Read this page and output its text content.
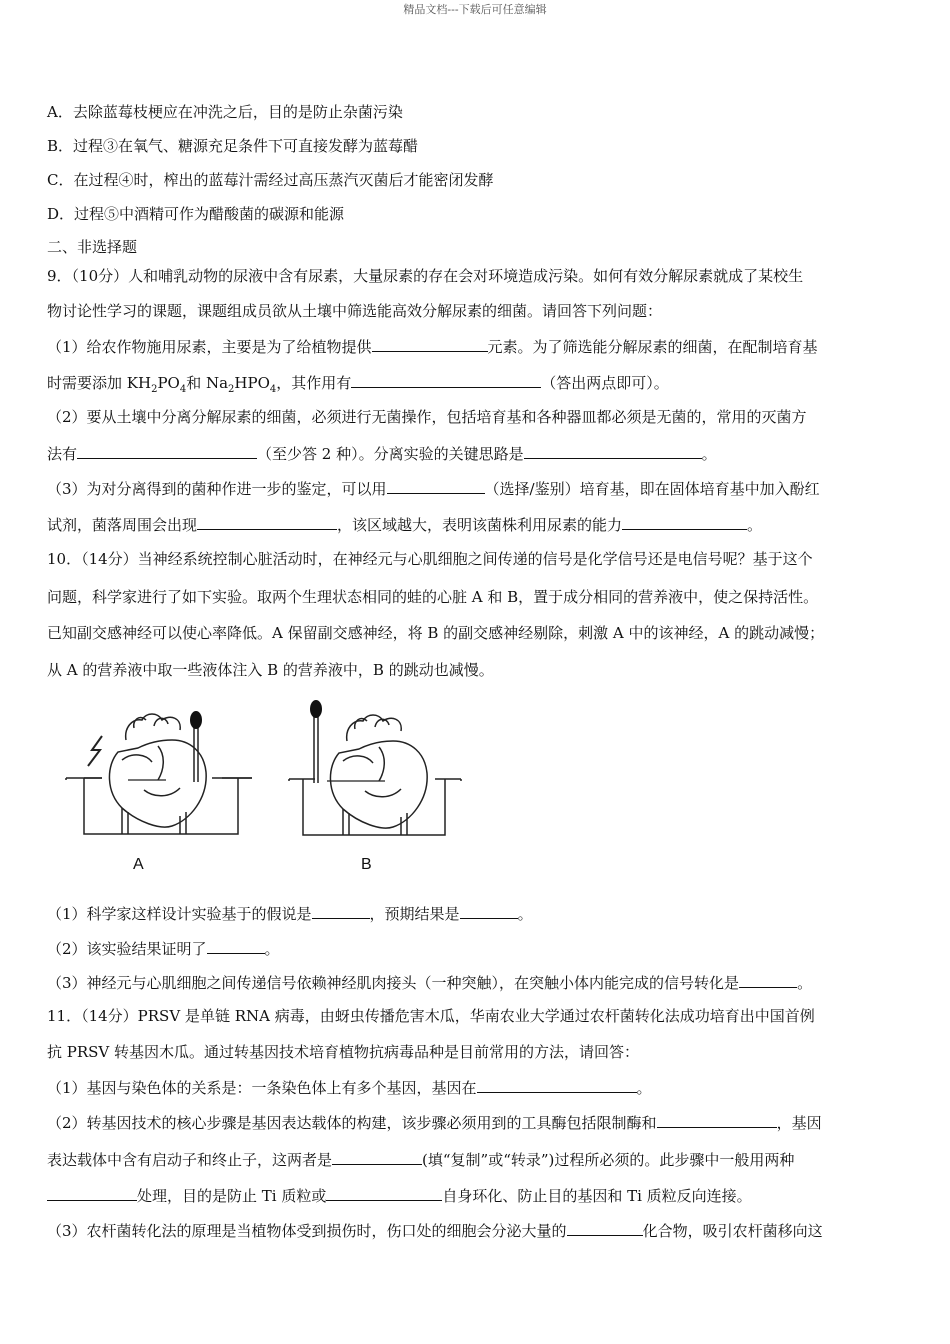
精品文档---下载后可任意编辑
A．去除蓝莓枝梗应在冲洗之后，目的是防止杂菌污染
B．过程③在氧气、糖源充足条件下可直接发酵为蓝莓醋
C．在过程④时，榨出的蓝莓汁需经过高压蒸汽灭菌后才能密闭发酵
D．过程⑤中酒精可作为醋酸菌的碳源和能源
二、非选择题
9．（10分）人和哺乳动物的尿液中含有尿素，大量尿素的存在会对环境造成污染。如何有效分解尿素就成了某校生
物讨论性学习的课题，课题组成员欲从土壤中筛选能高效分解尿素的细菌。请回答下列问题：
（1）给农作物施用尿素，主要是为了给植物提供	元素。为了筛选能分解尿素的细菌，在配制培育基
时需要添加 $KH_2PO_4$和 $Na_2HPO_4$，其作用有	（答出两点即可）。
（2）要从土壤中分离分解尿素的细菌，必须进行无菌操作，包括培育基和各种器皿都必须是无菌的，常用的灭菌方
法有	（至少答 2 种）。分离实验的关键思路是	。
（3）为对分离得到的菌种作进一步的鉴定，可以用	（选择/鉴别）培育基，即在固体培育基中加入酚红
试剂，菌落周围会出现	，该区域越大，表明该菌株利用尿素的能力	。
10．（14分）当神经系统控制心脏活动时，在神经元与心肌细胞之间传递的信号是化学信号还是电信号呢？基于这个
问题，科学家进行了如下实验。取两个生理状态相同的蛙的心脏 A 和 B，置于成分相同的营养液中，使之保持活性。
已知副交感神经可以使心率降低。A 保留副交感神经，将 B 的副交感神经剔除，刺激 A 中的该神经，A 的跳动减慢；
从 A 的营养液中取一些液体注入 B 的营养液中，B 的跳动也减慢。
A	B
（1）科学家这样设计实验基于的假说是	，预期结果是	。
（2）该实验结果证明了	。
（3）神经元与心肌细胞之间传递信号依赖神经肌肉接头（一种突触），在突触小体内能完成的信号转化是	。
11．（14分）PRSV 是单链 RNA 病毒，由蚜虫传播危害木瓜，华南农业大学通过农杆菌转化法成功培育出中国首例
抗 PRSV 转基因木瓜。通过转基因技术培育植物抗病毒品种是目前常用的方法，请回答：
（1）基因与染色体的关系是：一条染色体上有多个基因，基因在	。
（2）转基因技术的核心步骤是基因表达载体的构建，该步骤必须用到的工具酶包括限制酶和	，基因
表达载体中含有启动子和终止子，这两者是	(填“复制”或“转录”)过程所必须的。此步骤中一般用两种
处理，目的是防止 Ti 质粒或	自身环化、防止目的基因和 Ti 质粒反向连接。
（3）农杆菌转化法的原理是当植物体受到损伤时，伤口处的细胞会分泌大量的	化合物，吸引农杆菌移向这
